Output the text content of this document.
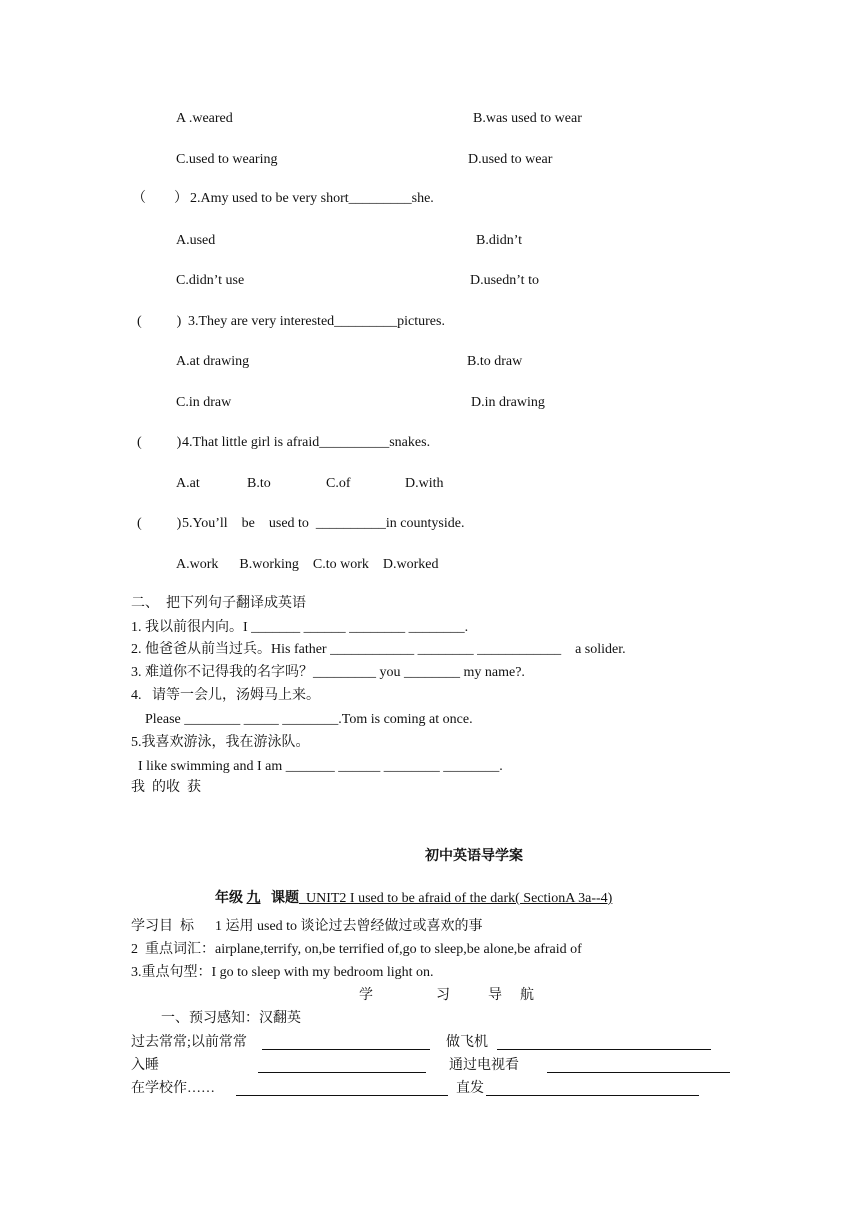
A .weared	B.was used to wear
C.used to wearing	D.used to wear
（　　） 2.Amy used to be very short_________she.
A.used	B.didn’t
C.didn’t use	D.usedn’t to
(　　  ) 3.They are very interested_________pictures.
A.at drawing	B.to draw
C.in draw	D.in drawing
(　　  ) 4.That little girl is afraid__________snakes.
A.at	B.to	C.of	D.with
(　　  ) 5.You’ll    be    used to  __________in countyside.
A.work      B.working    C.to work    D.worked
二、  把下列句子翻译成英语
1. 我以前很内向。I _______ ______ ________ ________.
2. 他爸爸从前当过兵。His father ____________ ________ ____________    a solider.
3. 难道你不记得我的名字吗？_________ you ________ my name?.
4.   请等一会儿，汤姆马上来。
Please ________ _____ ________.Tom is coming at once.
5.我喜欢游泳，我在游泳队。
I like swimming and I am _______ ______ ________ ________.
我  的收  获
初中英语导学案

年级 九 课题_UNIT2 I used to be afraid of the dark( SectionA 3a--4)

学习目  标      1 运用 used to 谈论过去曾经做过或喜欢的事
2  重点词汇：airplane,terrify, on,be terrified of,go to sleep,be alone,be afraid of
3.重点句型：I go to sleep with my bedroom light on.
学	习	导 航
一、预习感知：汉翻英
过去常常;以前常常	做飞机
入睡	通过电视看
在学校作……	直发
